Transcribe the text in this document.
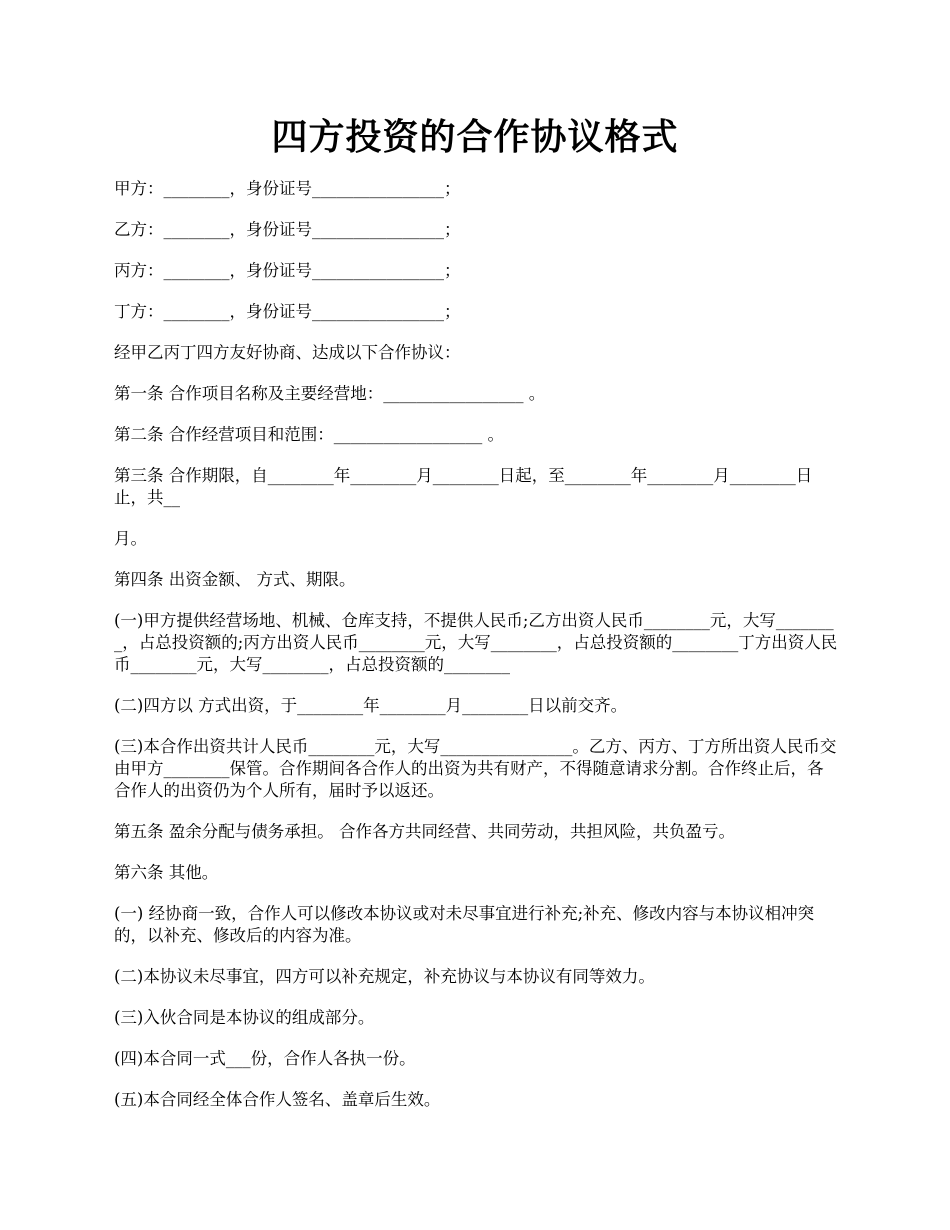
四方投资的合作协议格式

甲方：________，身份证号________________；

乙方：________，身份证号________________；

丙方：________，身份证号________________；

丁方：________，身份证号________________；

经甲乙丙丁四方友好协商、达成以下合作协议：

第一条 合作项目名称及主要经营地：_________________ 。

第二条 合作经营项目和范围：__________________ 。

第三条 合作期限，自________年________月________日起，至________年________月________日止，共__

月。

第四条 出资金额、 方式、期限。

(一)甲方提供经营场地、机械、仓库支持，不提供人民币;乙方出资人民币________元，大写________，占总投资额的;丙方出资人民币________元，大写________，占总投资额的________丁方出资人民币________元，大写________，占总投资额的________

(二)四方以 方式出资，于________年________月________日以前交齐。

(三)本合作出资共计人民币________元，大写________________。乙方、丙方、丁方所出资人民币交由甲方________保管。合作期间各合作人的出资为共有财产，不得随意请求分割。合作终止后，各合作人的出资仍为个人所有，届时予以返还。

第五条 盈余分配与债务承担。 合作各方共同经营、共同劳动，共担风险，共负盈亏。

第六条 其他。

(一) 经协商一致，合作人可以修改本协议或对未尽事宜进行补充;补充、修改内容与本协议相冲突的，以补充、修改后的内容为准。

(二)本协议未尽事宜，四方可以补充规定，补充协议与本协议有同等效力。

(三)入伙合同是本协议的组成部分。

(四)本合同一式___份，合作人各执一份。

(五)本合同经全体合作人签名、盖章后生效。
